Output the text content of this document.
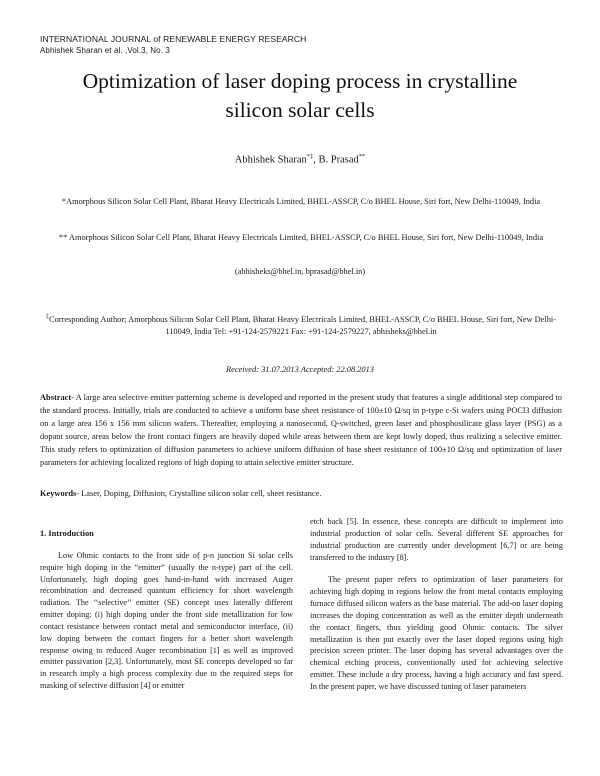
INTERNATIONAL JOURNAL of RENEWABLE ENERGY RESEARCH
Abhishek Sharan et al. ,Vol.3, No. 3
Optimization of laser doping process in crystalline
silicon solar cells
Abhishek Sharan*‡, B. Prasad**
*Amorphous Silicon Solar Cell Plant, Bharat Heavy Electricals Limited, BHEL-ASSCP, C/o BHEL House, Siri fort, New Delhi-110049, India
** Amorphous Silicon Solar Cell Plant, Bharat Heavy Electricals Limited, BHEL-ASSCP, C/o BHEL House, Siri fort, New Delhi-110049, India
(abhisheks@bhel.in, bprasad@bhel.in)
‡Corresponding Author; Amorphous Silicon Solar Cell Plant, Bharat Heavy Electricals Limited, BHEL-ASSCP, C/o BHEL House, Siri fort, New Delhi-110049, India Tel: +91-124-2579221 Fax: +91-124-2579227, abhisheks@bhel.in
Received: 31.07.2013 Accepted: 22.08.2013
Abstract- A large area selective emitter patterning scheme is developed and reported in the present study that features a single additional step compared to the standard process. Initially, trials are conducted to achieve a uniform base sheet resistance of 100±10 Ω/sq in p-type c-Si wafers using POCl3 diffusion on a large area 156 x 156 mm silicon wafers. Thereafter, employing a nanosecond, Q-switched, green laser and phosphosilicate glass layer (PSG) as a dopant source, areas below the front contact fingers are heavily doped while areas between them are kept lowly doped, thus realizing a selective emitter. This study refers to optimization of diffusion parameters to achieve uniform diffusion of base sheet resistance of 100±10 Ω/sq and optimization of laser parameters for achieving localized regions of high doping to attain selective emitter structure.
Keywords- Laser, Doping, Diffusion, Crystalline silicon solar cell, sheet resistance.

1. Introduction

Low Ohmic contacts to the front side of p-n junction Si solar cells require high doping in the “emitter” (usually the n-type) part of the cell. Unfortunately, high doping goes hand-in-hand with increased Auger recombination and decreased quantum efficiency for short wavelength radiation. The ‘‘selective’’ emitter (SE) concept uses laterally different emitter doping: (i) high doping under the front side metallization for low contact resistance between contact metal and semiconductor interface, (ii) low doping between the contact fingers for a better short wavelength response owing to reduced Auger recombination [1] as well as improved emitter passivation [2,3]. Unfortunately, most SE concepts developed so far in research imply a high process complexity due to the required steps for masking of selective diffusion [4] or emitter

etch back [5]. In essence, these concepts are difficult to implement into industrial production of solar cells. Several different SE approaches for industrial production are currently under development [6,7] or are being transferred to the industry [8].

The present paper refers to optimization of laser parameters for achieving high doping in regions below the front metal contacts employing furnace diffused silicon wafers as the base material. The add-on laser doping increases the doping concentration as well as the emitter depth underneath the contact fingers, thus yielding good Ohmic contacts. The silver metallization is then put exactly over the laser doped regions using high precision screen printer. The laser doping has several advantages over the chemical etching process, conventionally used for achieving selective emitter. These include a dry process, having a high accuracy and fast speed. In the present paper, we have discussed tuning of laser parameters
